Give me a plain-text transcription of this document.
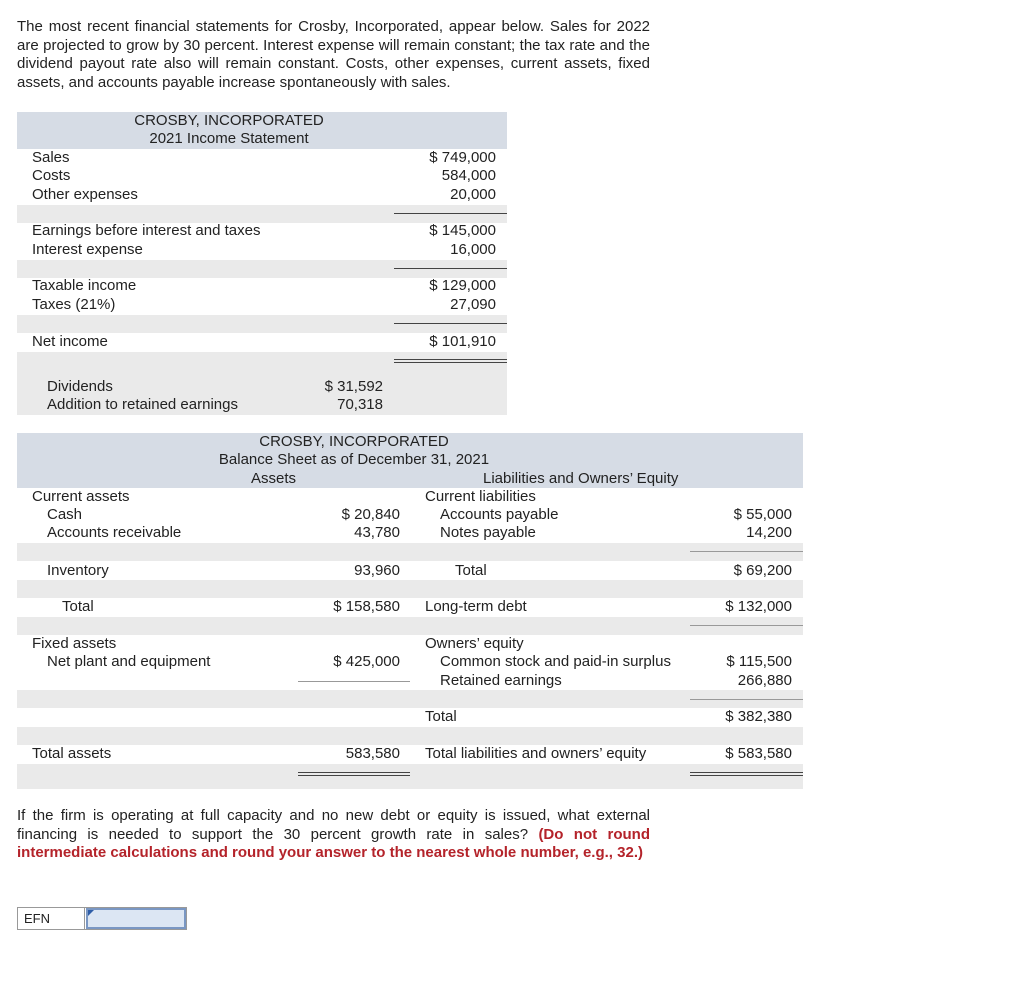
The most recent financial statements for Crosby, Incorporated, appear below. Sales for 2022 are projected to grow by 30 percent. Interest expense will remain constant; the tax rate and the dividend payout rate also will remain constant. Costs, other expenses, current assets, fixed assets, and accounts payable increase spontaneously with sales.
CROSBY, INCORPORATED
2021 Income Statement
Sales	$ 749,000
Costs	584,000
Other expenses	20,000
Earnings before interest and taxes	$ 145,000
Interest expense	16,000
Taxable income	$ 129,000
Taxes (21%)	27,090
Net income	$ 101,910
Dividends	$ 31,592
Addition to retained earnings	70,318
CROSBY, INCORPORATED
Balance Sheet as of December 31, 2021
Assets	Liabilities and Owners’ Equity
Current assets
Cash	$ 20,840
Accounts receivable	43,780
Inventory	93,960
Total	$ 158,580
Fixed assets
Net plant and equipment	$ 425,000
Total assets	583,580
Current liabilities
Accounts payable	$ 55,000
Notes payable	14,200
Total	$ 69,200
Long-term debt	$ 132,000
Owners’ equity
Common stock and paid-in surplus	$ 115,500
Retained earnings	266,880
Total	$ 382,380
Total liabilities and owners’ equity	$ 583,580
If the firm is operating at full capacity and no new debt or equity is issued, what external financing is needed to support the 30 percent growth rate in sales? (Do not round intermediate calculations and round your answer to the nearest whole number, e.g., 32.)
EFN
